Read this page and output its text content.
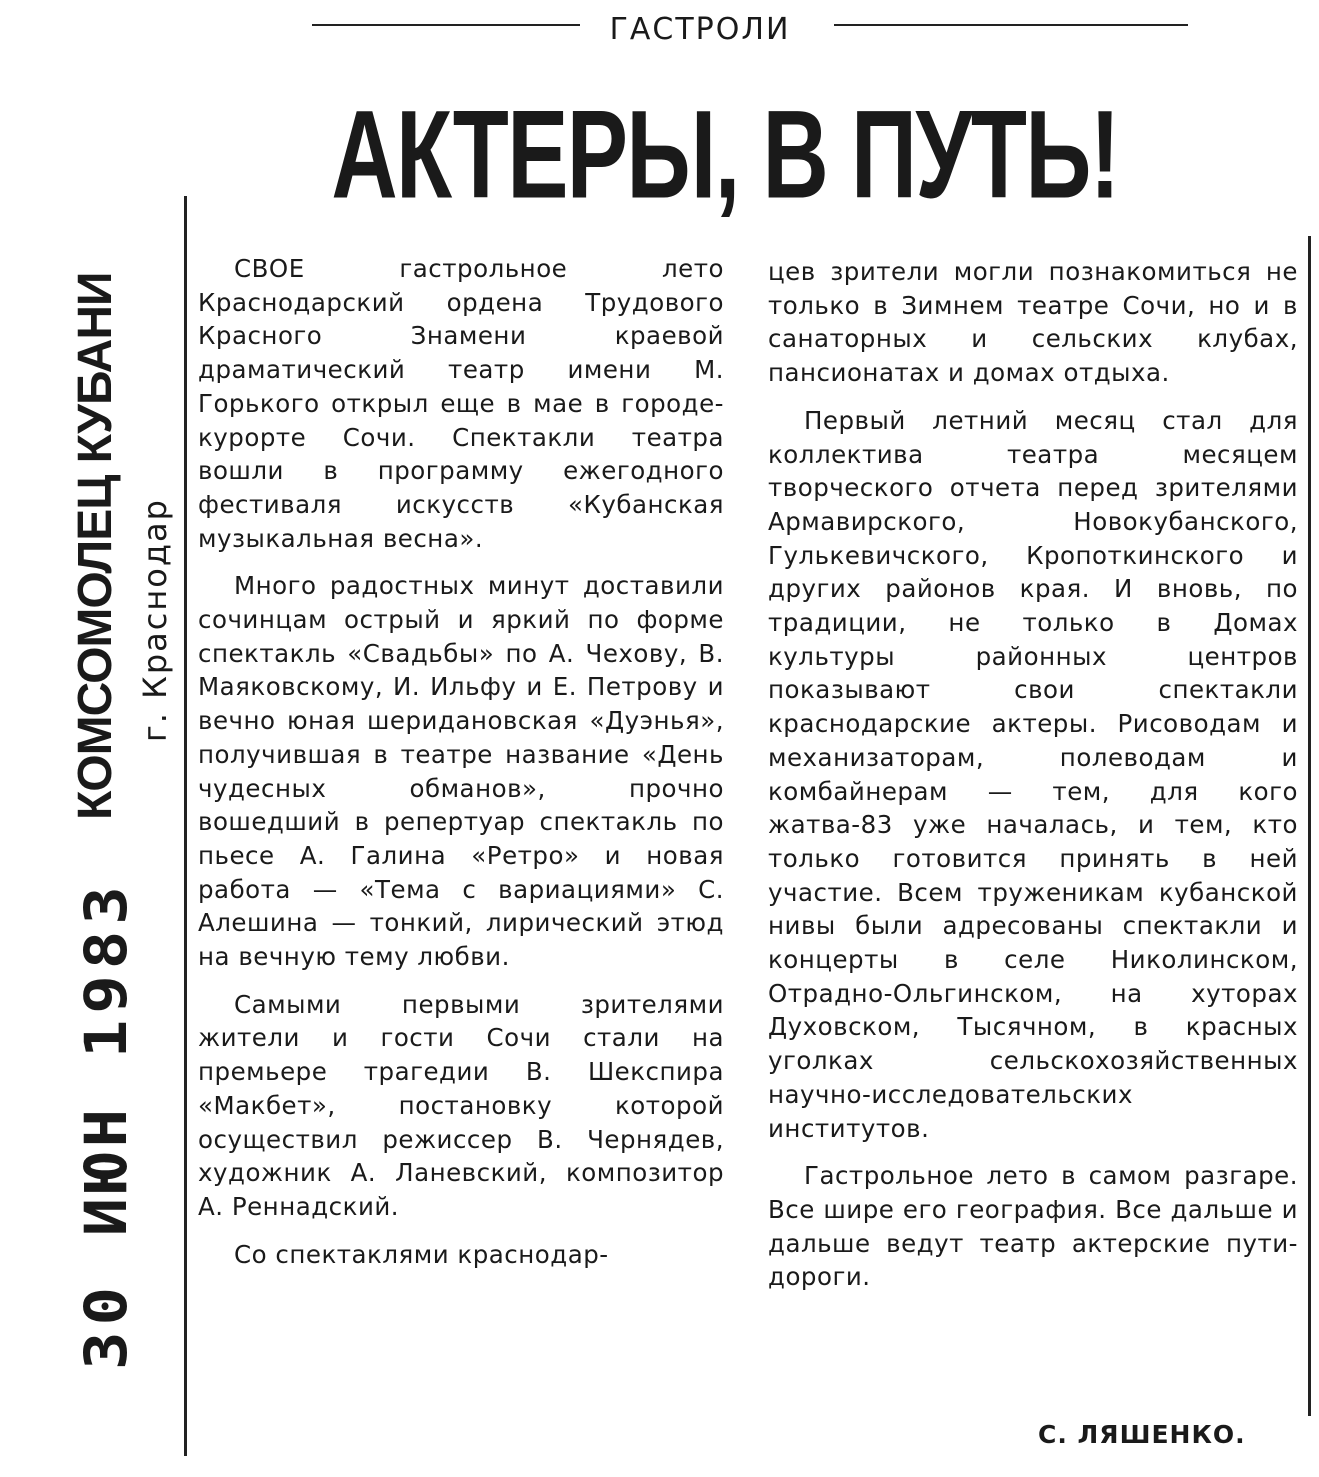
ГАСТРОЛИ
АКТЕРЫ, В ПУТЬ!
30 ИЮН 1983
КОМСОМОЛЕЦ КУБАНИ г. Краснодар

СВОЕ гастрольное лето Краснодарский ордена Трудового Красного Знамени краевой драматический театр имени М. Горького открыл еще в мае в городе-курорте Сочи. Спектакли театра вошли в программу ежегодного фестиваля искусств «Кубанская музыкальная весна».

Много радостных минут доставили сочинцам острый и яркий по форме спектакль «Свадьбы» по А. Чехову, В. Маяковскому, И. Ильфу и Е. Петрову и вечно юная шеридановская «Дуэнья», получившая в театре название «День чудесных обманов», прочно вошедший в репертуар спектакль по пьесе А. Галина «Ретро» и новая работа — «Тема с вариациями» С. Алешина — тонкий, лирический этюд на вечную тему любви.

Самыми первыми зрителями жители и гости Сочи стали на премьере трагедии В. Шекспира «Макбет», постановку которой осуществил режиссер В. Чернядев, художник А. Ланевский, композитор А. Реннадский.

Со спектаклями краснодар-

цев зрители могли познакомиться не только в Зимнем театре Сочи, но и в санаторных и сельских клубах, пансионатах и домах отдыха.

Первый летний месяц стал для коллектива театра месяцем творческого отчета перед зрителями Армавирского, Новокубанского, Гулькевичского, Кропоткинского и других районов края. И вновь, по традиции, не только в Домах культуры районных центров показывают свои спектакли краснодарские актеры. Рисоводам и механизаторам, полеводам и комбайнерам — тем, для кого жатва-83 уже началась, и тем, кто только готовится принять в ней участие. Всем труженикам кубанской нивы были адресованы спектакли и концерты в селе Николинском, Отрадно-Ольгинском, на хуторах Духовском, Тысячном, в красных уголках сельскохозяйственных научно-исследовательских институтов.

Гастрольное лето в самом разгаре. Все шире его география. Все дальше и дальше ведут театр актерские пути-дороги.

С. ЛЯШЕНКО.
